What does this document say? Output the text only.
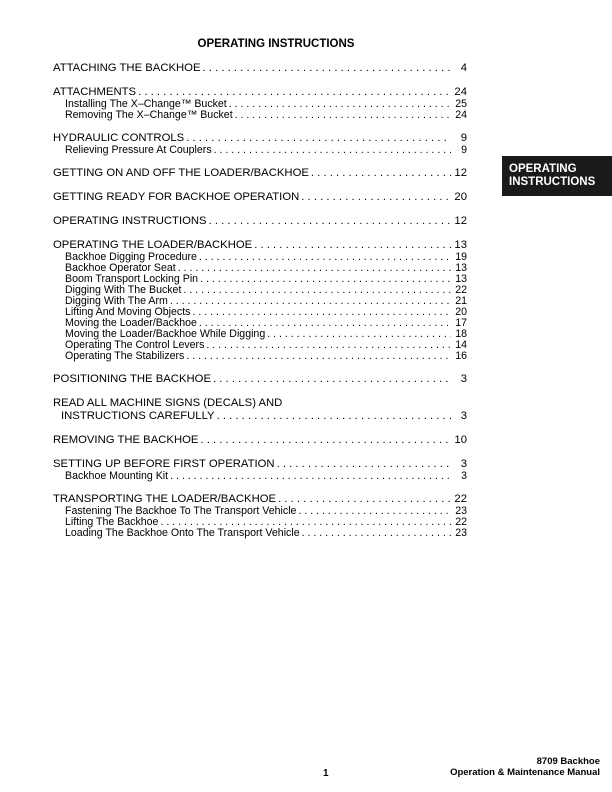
OPERATING INSTRUCTIONS
ATTACHING THE BACKHOE . . .	4
ATTACHMENTS . . .	24
Installing The X–Change™ Bucket . . .	25
Removing The X–Change™ Bucket . . .	24
HYDRAULIC CONTROLS . . .	9
Relieving Pressure At Couplers . . .	9
GETTING ON AND OFF THE LOADER/BACKHOE . . .	12
GETTING READY FOR BACKHOE OPERATION . . .	20
OPERATING INSTRUCTIONS . . .	12
OPERATING THE LOADER/BACKHOE . . .	13
Backhoe Digging Procedure . . .	19
Backhoe Operator Seat . . .	13
Boom Transport Locking Pin . . .	13
Digging With The Bucket . . .	22
Digging With The Arm . . .	21
Lifting And Moving Objects . . .	20
Moving the Loader/Backhoe . . .	17
Moving the Loader/Backhoe While Digging . . .	18
Operating The Control Levers . . .	14
Operating The Stabilizers . . .	16
POSITIONING THE BACKHOE . . .	3
READ ALL MACHINE SIGNS (DECALS) AND
INSTRUCTIONS CAREFULLY . . .	3
REMOVING THE BACKHOE . . .	10
SETTING UP BEFORE FIRST OPERATION . . .	3
Backhoe Mounting Kit . . .	3
TRANSPORTING THE LOADER/BACKHOE . . .	22
Fastening The Backhoe To The Transport Vehicle . . .	23
Lifting The Backhoe . . .	22
Loading The Backhoe Onto The Transport Vehicle . . .	23
OPERATING
INSTRUCTIONS
1
8709 Backhoe
Operation & Maintenance Manual
